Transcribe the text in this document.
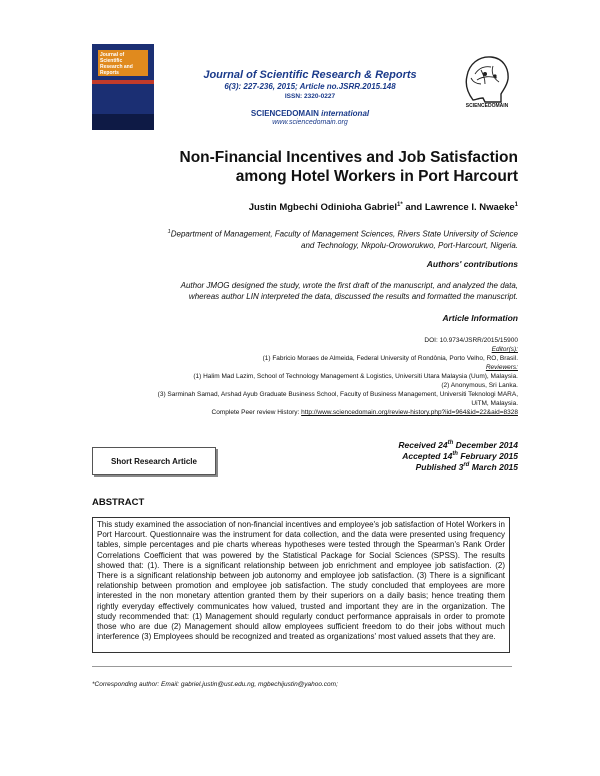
Journal of Scientific Research and Reports	Journal of Scientific Research & Reports
6(3): 227-236, 2015; Article no.JSRR.2015.148
ISSN: 2320-0227
SCIENCEDOMAIN international
www.sciencedomain.org
SCIENCEDOMAIN
Non-Financial Incentives and Job Satisfaction
among Hotel Workers in Port Harcourt
Justin Mgbechi Odinioha Gabriel$^{1*}$ and Lawrence I. Nwaeke$^1$
$^1$Department of Management, Faculty of Management Sciences, Rivers State University of Science
and Technology, Nkpolu-Oroworukwo, Port-Harcourt, Nigeria.
Authors' contributions
Author JMOG designed the study, wrote the first draft of the manuscript, and analyzed the data,
whereas author LIN interpreted the data, discussed the results and formatted the manuscript.
Article Information
DOI: 10.9734/JSRR/2015/15900
Editor(s):
(1) Fabricio Moraes de Almeida, Federal University of Rondônia, Porto Velho, RO, Brasil.
Reviewers:
(1) Halim Mad Lazim, School of Technology Management & Logistics, Universiti Utara Malaysia (Uum), Malaysia.
(2) Anonymous, Sri Lanka.
(3) Sarminah Samad, Arshad Ayub Graduate Business School, Faculty of Business Management, Universiti Teknologi MARA,
UiTM, Malaysia.
Complete Peer review History: http://www.sciencedomain.org/review-history.php?iid=964&id=22&aid=8328
Short Research Article
Received 24th December 2014
Accepted 14th February 2015
Published 3rd March 2015
ABSTRACT
This study examined the association of non-financial incentives and employee's job satisfaction of Hotel Workers in Port Harcourt. Questionnaire was the instrument for data collection, and the data were presented using frequency tables, simple percentages and pie charts whereas hypotheses were tested through the Spearman's Rank Order Correlations Coefficient that was powered by the Statistical Package for Social Sciences (SPSS). The results showed that: (1). There is a significant relationship between job enrichment and employee job satisfaction. (2) There is a significant relationship between job autonomy and employee job satisfaction. (3) There is a significant relationship between promotion and employee job satisfaction. The study concluded that employees are more interested in the non monetary attention granted them by their superiors on a daily basis; hence treating them rightly everyday effectively communicates how valued, trusted and important they are in the organization. The study recommended that: (1) Management should regularly conduct performance appraisals in order to promote those who are due (2) Management should allow employees sufficient freedom to do their jobs without much interference (3) Employees should be recognized and treated as organizations' most valued assets that they are.
*Corresponding author: Email: gabriel.justin@ust.edu.ng, mgbechijustin@yahoo.com;
